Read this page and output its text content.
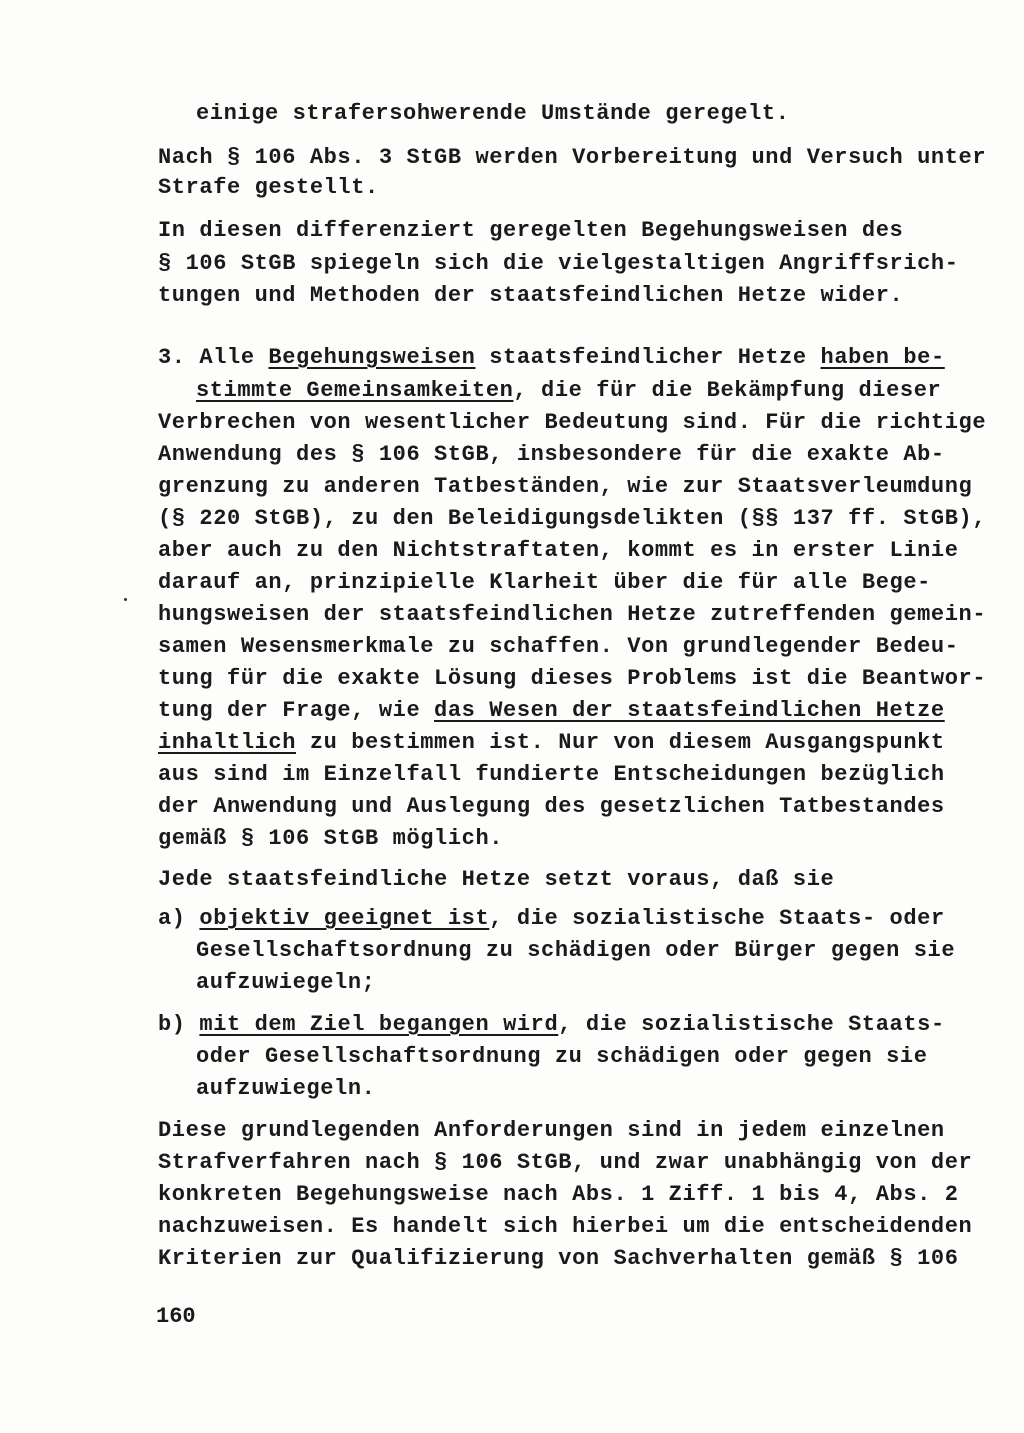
einige strafersohwerende Umstände geregelt.
Nach § 106 Abs. 3 StGB werden Vorbereitung und Versuch unter
Strafe gestellt.
In diesen differenziert geregelten Begehungsweisen des
§ 106 StGB spiegeln sich die vielgestaltigen Angriffsrich-
tungen und Methoden der staatsfeindlichen Hetze wider.
3. Alle Begehungsweisen staatsfeindlicher Hetze haben be-
stimmte Gemeinsamkeiten, die für die Bekämpfung dieser
Verbrechen von wesentlicher Bedeutung sind. Für die richtige
Anwendung des § 106 StGB, insbesondere für die exakte Ab-
grenzung zu anderen Tatbeständen, wie zur Staatsverleumdung
(§ 220 StGB), zu den Beleidigungsdelikten (§§ 137 ff. StGB),
aber auch zu den Nichtstraftaten, kommt es in erster Linie
darauf an, prinzipielle Klarheit über die für alle Bege-
hungsweisen der staatsfeindlichen Hetze zutreffenden gemein-
samen Wesensmerkmale zu schaffen. Von grundlegender Bedeu-
tung für die exakte Lösung dieses Problems ist die Beantwor-
tung der Frage, wie das Wesen der staatsfeindlichen Hetze
inhaltlich zu bestimmen ist. Nur von diesem Ausgangspunkt
aus sind im Einzelfall fundierte Entscheidungen bezüglich
der Anwendung und Auslegung des gesetzlichen Tatbestandes
gemäß § 106 StGB möglich.
Jede staatsfeindliche Hetze setzt voraus, daß sie
a) objektiv geeignet ist, die sozialistische Staats- oder
Gesellschaftsordnung zu schädigen oder Bürger gegen sie
aufzuwiegeln;
b) mit dem Ziel begangen wird, die sozialistische Staats-
oder Gesellschaftsordnung zu schädigen oder gegen sie
aufzuwiegeln.
Diese grundlegenden Anforderungen sind in jedem einzelnen
Strafverfahren nach § 106 StGB, und zwar unabhängig von der
konkreten Begehungsweise nach Abs. 1 Ziff. 1 bis 4, Abs. 2
nachzuweisen. Es handelt sich hierbei um die entscheidenden
Kriterien zur Qualifizierung von Sachverhalten gemäß § 106
160
